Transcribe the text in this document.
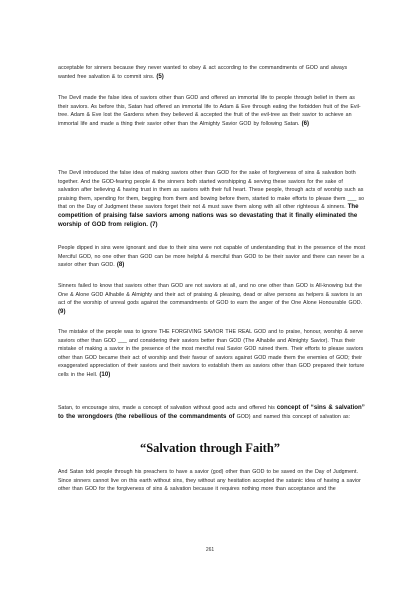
acceptable for sinners because they never wanted to obey & act according to the commandments of GOD and always wanted free salvation & to commit sins. (5)

The Devil made the false idea of saviors other than GOD and offered an immortal life to people through belief in them as their saviors. As before this, Satan had offered an immortal life to Adam & Eve through eating the forbidden fruit of the Evil-tree. Adam & Eve lost the Gardens when they believed & accepted the fruit of the evil-tree as their savior to achieve an immortal life and made a thing their savior other than the Almighty Savior GOD by following Satan. (6)

The Devil introduced the false idea of making saviors other than GOD for the sake of forgiveness of sins & salvation both together. And the GOD-fearing people & the sinners both started worshipping & serving these saviors for the sake of salvation after believing & having trust in them as saviors with their full heart. These people, through acts of worship such as praising them, spending for them, begging from them and bowing before them, started to make efforts to please them ___ so that on the Day of Judgment these saviors forget their not & must save them along with all other righteous & sinners. The competition of praising false saviors among nations was so devastating that it finally eliminated the worship of GOD from religion. (7)

People dipped in sins were ignorant and due to their sins were not capable of understanding that in the presence of the most Merciful GOD, no one other than GOD can be more helpful & merciful than GOD to be their savior and there can never be a savior other than GOD. (8)

Sinners failed to know that saviors other than GOD are not saviors at all, and no one other than GOD is All-knowing but the One & Alone GOD Alhabile & Almighty and their act of praising & pleasing, dead or alive persons as helpers & saviors is an act of the worship of unreal gods against the commandments of GOD to earn the anger of the One Alone Honourable GOD. (9)

The mistake of the people was to ignore THE FORGIVING SAVIOR THE REAL GOD and to praise, honour, worship & serve saviors other than GOD ___ and considering their saviors better than GOD (The Alhabile and Almighty Savior). Thus their mistake of making a savior in the presence of the most merciful real Savior GOD ruined them. Their efforts to please saviors other than GOD became their act of worship and their favour of saviors against GOD made them the enemies of GOD; their exaggerated appreciation of their saviors and their saviors to establish them as saviors other than GOD prepared their torture cells in the Hell. (10)

Satan, to encourage sins, made a concept of salvation without good acts and offered his concept of “sins & salvation” to the wrongdoers (the rebellious of the commandments of GOD) and named this concept of salvation as:

“Salvation through Faith”

And Satan told people through his preachers to have a savior (god) other than GOD to be saved on the Day of Judgment. Since sinners cannot live on this earth without sins, they without any hesitation accepted the satanic idea of having a savior other than GOD for the forgiveness of sins & salvation because it requires nothing more than acceptance and the

261
